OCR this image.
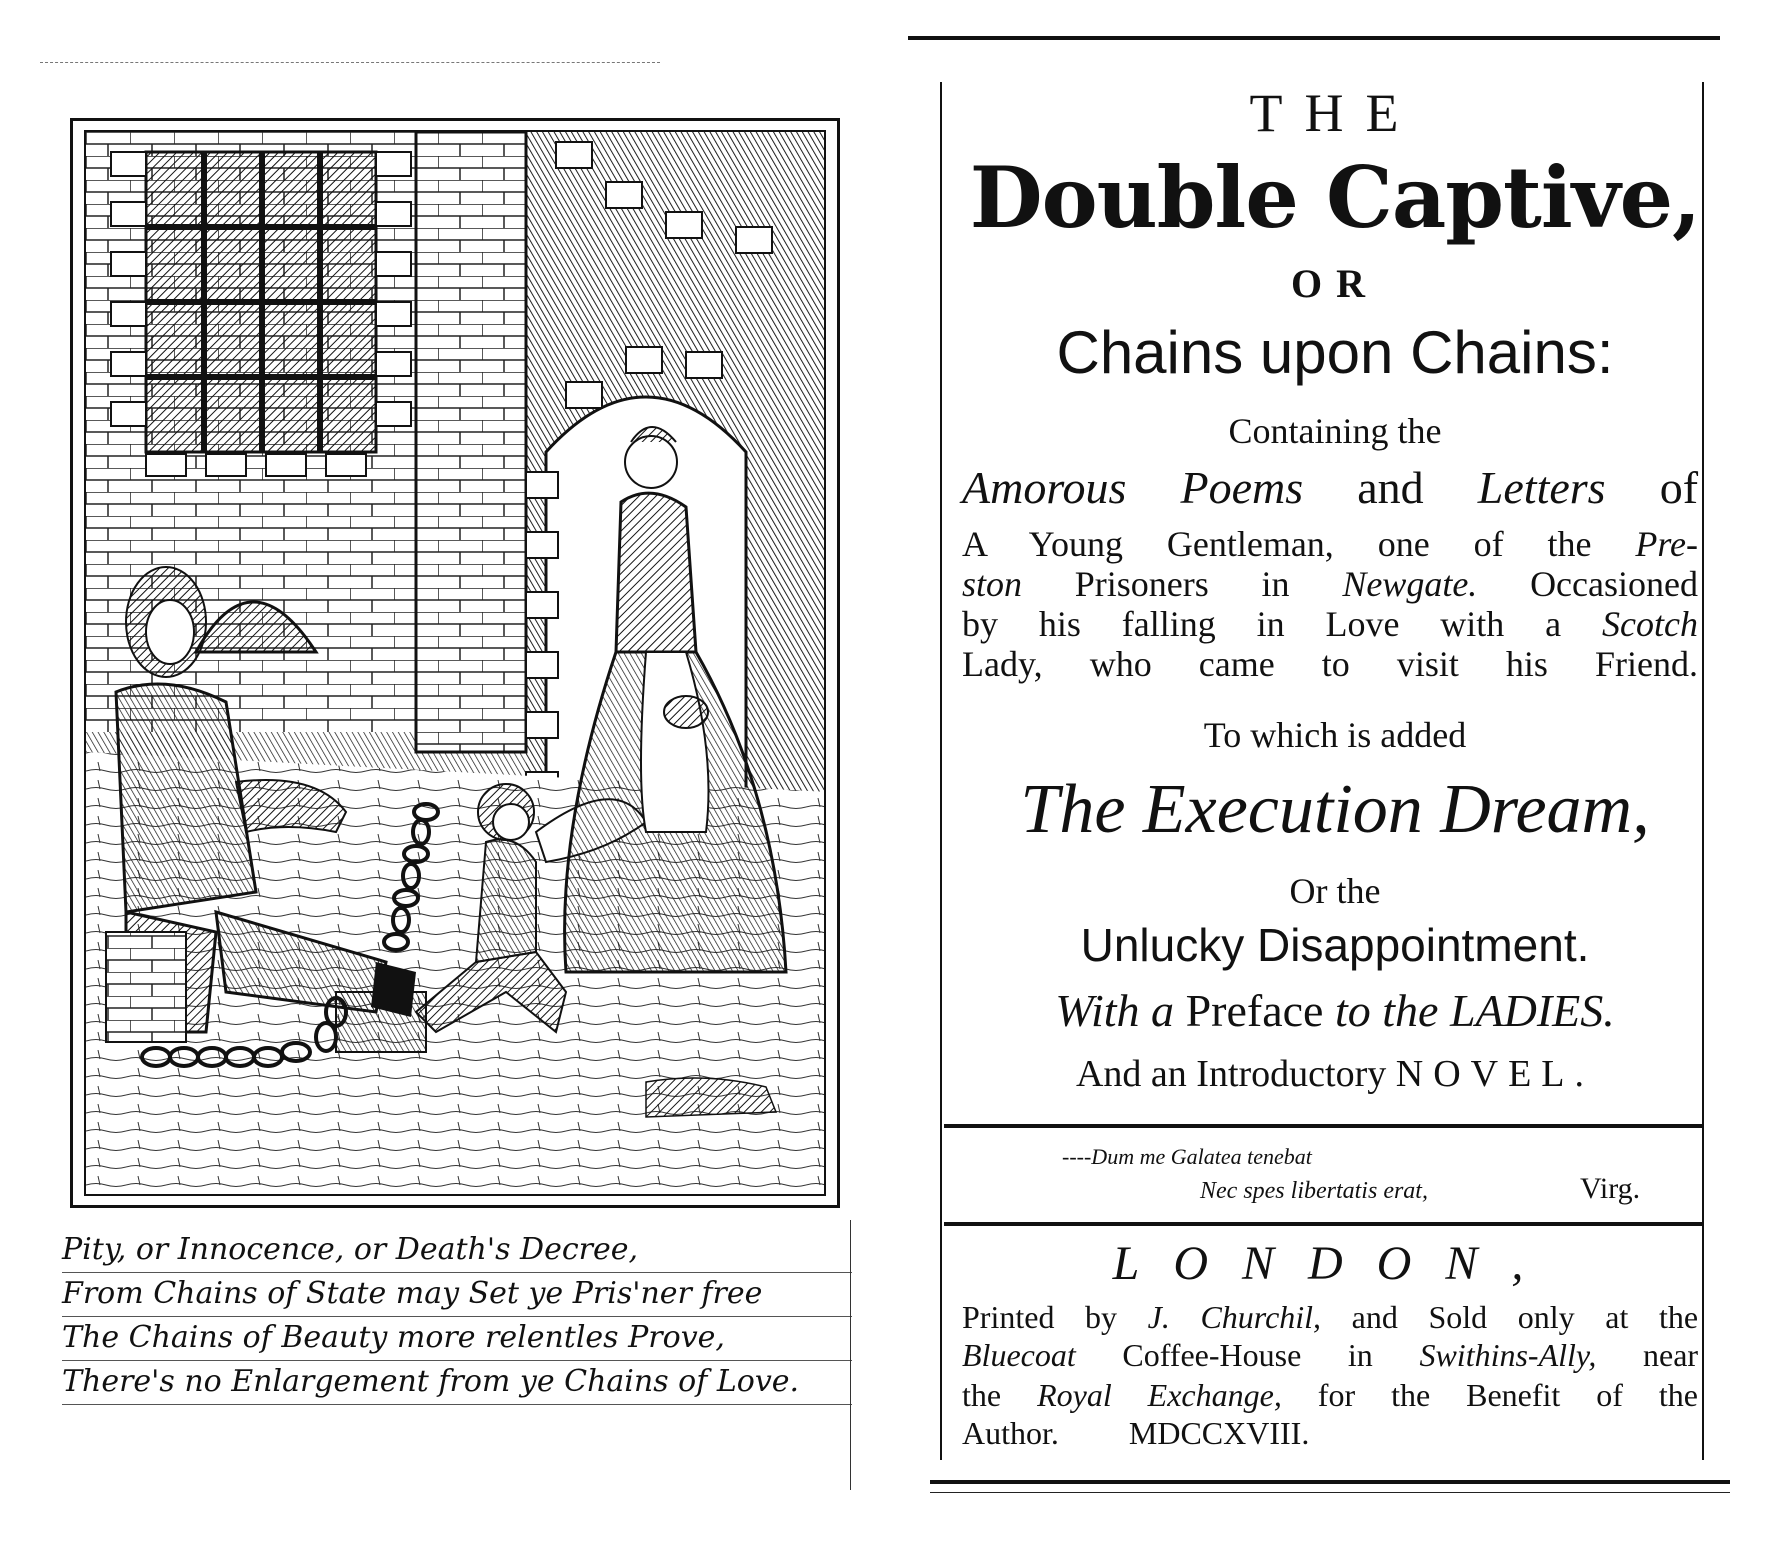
Pity, or Innocence, or Death's Decree,
From Chains of State may Set ye Pris'ner free
The Chains of Beauty more relentles Prove,
There's no Enlargement from ye Chains of Love.
THE
Double Captive,
OR
Chains upon Chains:
Containing the
Amorous Poems and Letters of
A Young Gentleman, one of the Pre-
ston Prisoners in Newgate. Occasioned
by his falling in Love with a Scotch
Lady, who came to visit his Friend.
To which is added
The Execution Dream,
Or the
Unlucky Disappointment.
With a Preface to the LADIES.
And an Introductory NOVEL.
----Dum me Galatea tenebat
Nec spes libertatis erat,	Virg.
LONDON,
Printed by J. Churchil, and Sold only at the
Bluecoat Coffee-House in Swithins-Ally, near
the Royal Exchange, for the Benefit of the
Author. MDCCXVIII.
